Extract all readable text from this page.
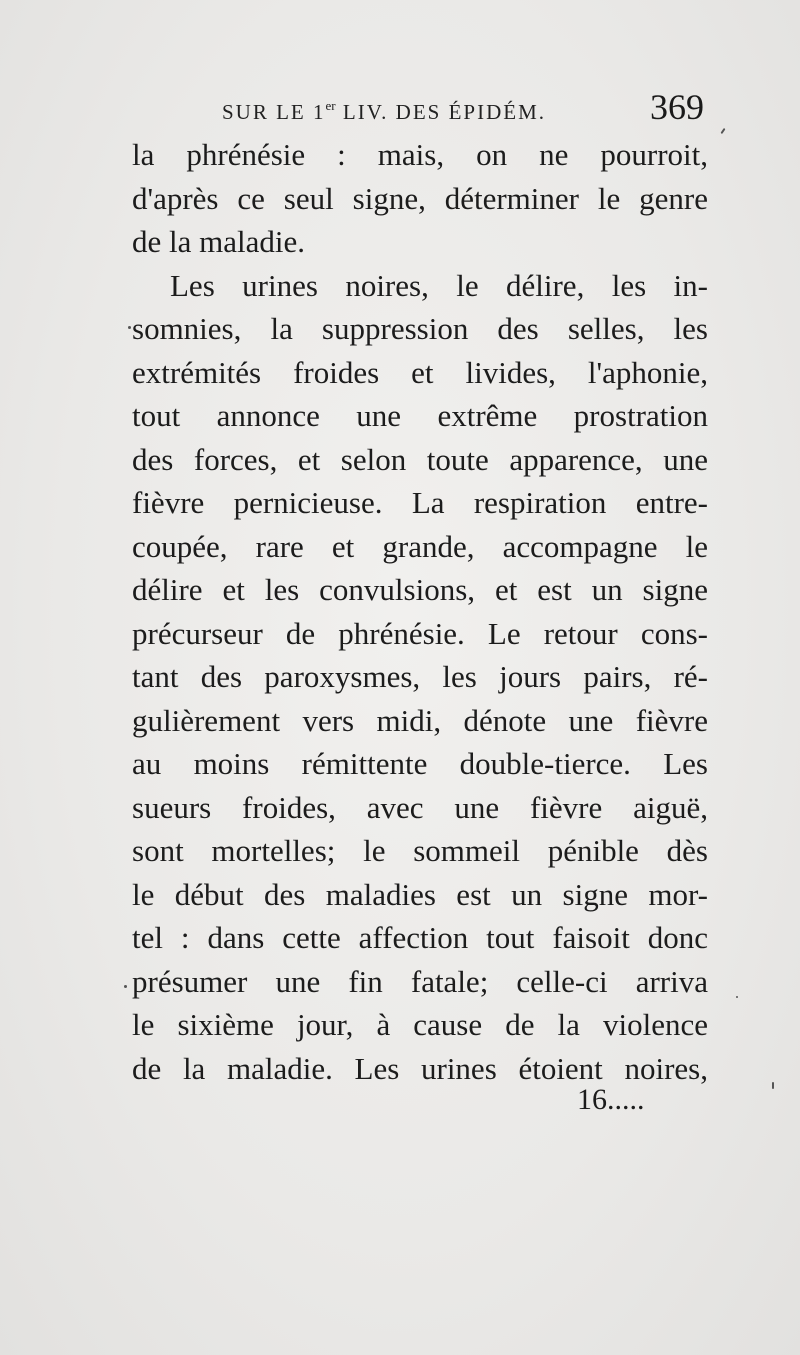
SUR LE 1er LIV. DES ÉPIDÉM.	369
la phrénésie : mais, on ne pourroit,
d'après ce seul signe, déterminer le genre
de la maladie.
Les urines noires, le délire, les in-
somnies, la suppression des selles, les
extrémités froides et livides, l'aphonie,
tout annonce une extrême prostration
des forces, et selon toute apparence, une
fièvre pernicieuse. La respiration entre-
coupée, rare et grande, accompagne le
délire et les convulsions, et est un signe
précurseur de phrénésie. Le retour cons-
tant des paroxysmes, les jours pairs, ré-
gulièrement vers midi, dénote une fièvre
au moins rémittente double-tierce. Les
sueurs froides, avec une fièvre aiguë,
sont mortelles; le sommeil pénible dès
le début des maladies est un signe mor-
tel : dans cette affection tout faisoit donc
présumer une fin fatale; celle-ci arriva
le sixième jour, à cause de la violence
de la maladie. Les urines étoient noires,
16.....
